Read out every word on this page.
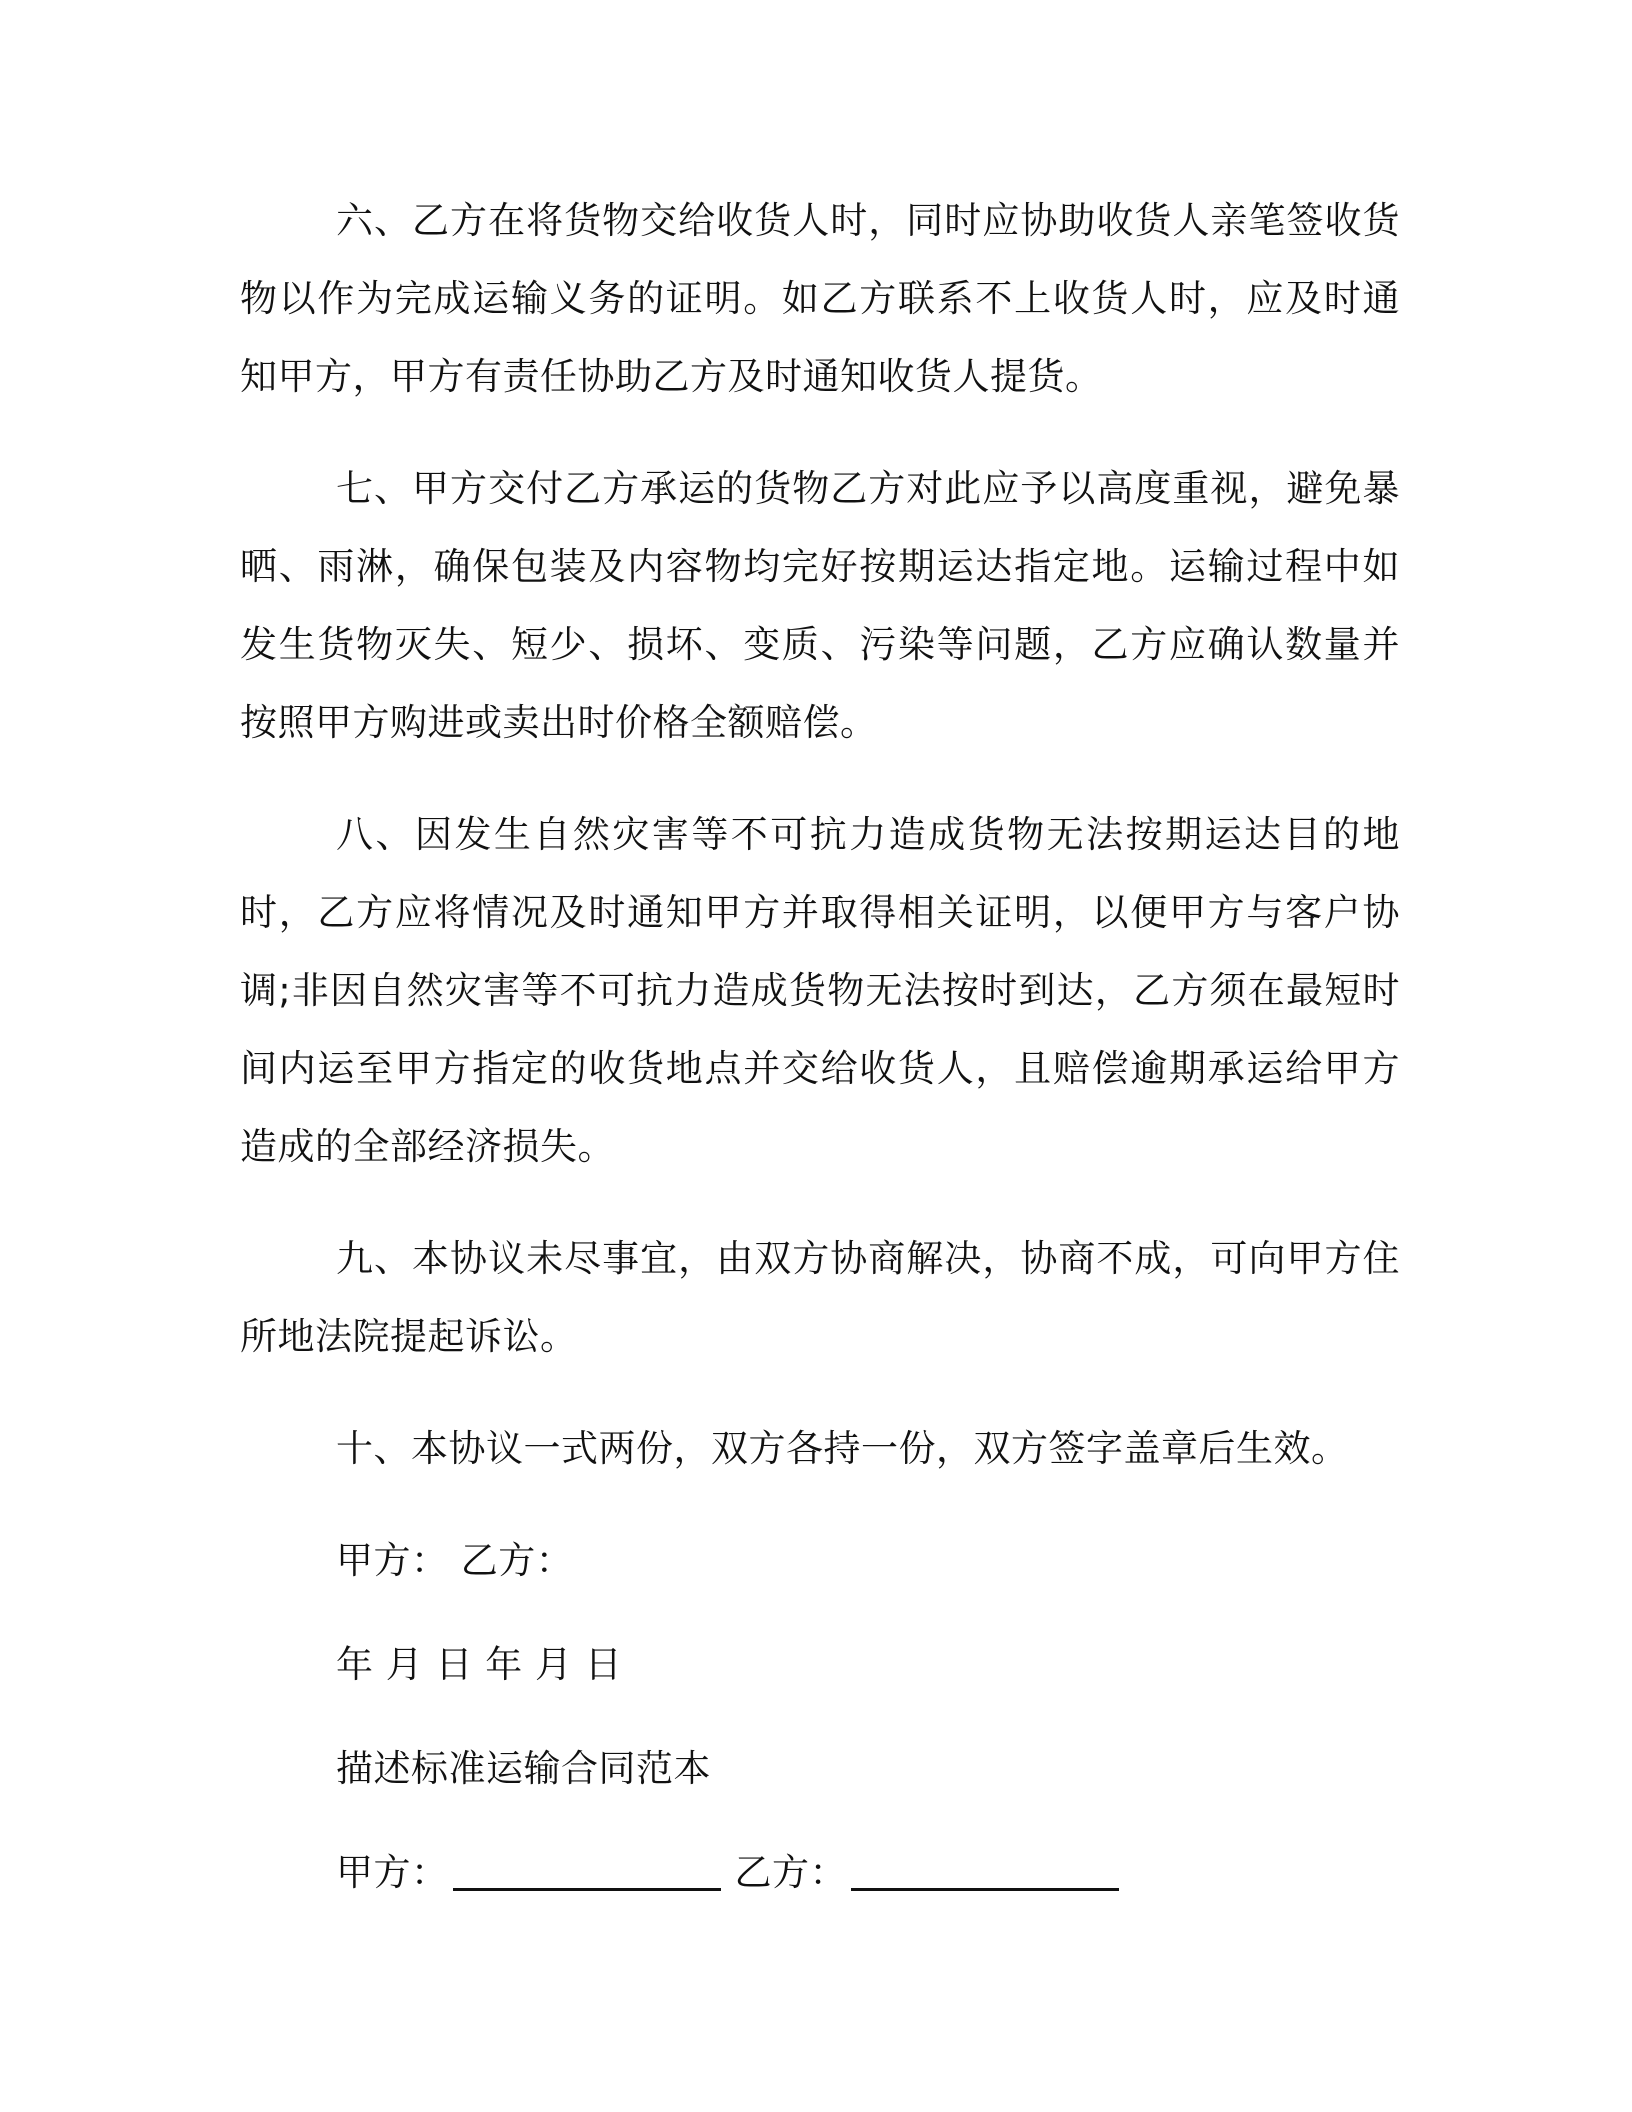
六、乙方在将货物交给收货人时，同时应协助收货人亲笔签收货物以作为完成运输义务的证明。如乙方联系不上收货人时，应及时通知甲方，甲方有责任协助乙方及时通知收货人提货。

七、甲方交付乙方承运的货物乙方对此应予以高度重视，避免暴晒、雨淋，确保包装及内容物均完好按期运达指定地。运输过程中如发生货物灭失、短少、损坏、变质、污染等问题，乙方应确认数量并按照甲方购进或卖出时价格全额赔偿。

八、因发生自然灾害等不可抗力造成货物无法按期运达目的地时，乙方应将情况及时通知甲方并取得相关证明，以便甲方与客户协调;非因自然灾害等不可抗力造成货物无法按时到达，乙方须在最短时间内运至甲方指定的收货地点并交给收货人，且赔偿逾期承运给甲方造成的全部经济损失。

九、本协议未尽事宜，由双方协商解决，协商不成，可向甲方住所地法院提起诉讼。

十、本协议一式两份，双方各持一份，双方签字盖章后生效。

甲方： 乙方：

年 月 日 年 月 日

描述标准运输合同范本

甲方：	乙方：
